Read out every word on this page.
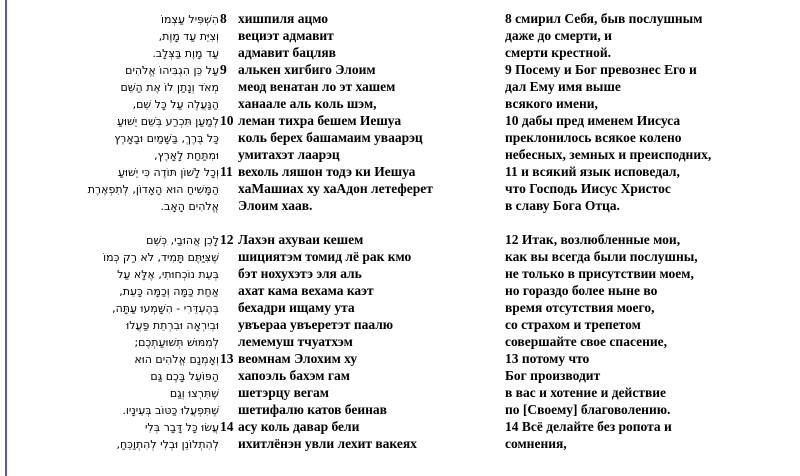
הִשְׁפִּיל עַצְמוֹ 8 хишпиля ацмо
וְצִיֵּת עַד מָוֶת, вециэт адмавит
עַד מָוֶת בַּצְּלָב. адмавит бацляв
עַל כֵּן הִגְבִּיהוֹ אֱלֹהִים 9 алькен хигбиго Элоим
מְאֹד וְנָתַן לוֹ אֶת הַשֵּׁם меод венатан ло эт хашем
הַנַּעֲלֶה עַל כָּל שֵׁם, ханаале аль коль шэм,
לְמַעַן תִּכְרַע בְּשֵׁם יֵשׁוּעַ 10 леман тихра бешем Иешуа
כָּל בֶּרֶךְ, בַּשָּׁמַיִם וּבָאָרֶץ коль берех башамаим уваарэц
וּמִתַּחַת לָאָרֶץ, умитахэт лаарэц
וְכָל לָשׁוֹן תּוֹדֶה כִּי יֵשׁוּעַ 11 вехоль ляшон тодэ ки Иешуа
הַמָּשִׁיחַ הוּא הָאָדוֹן, לְתִפְאֶרֶת хаМашиах ху хаАдон летеферет
אֱלֹהִים הָאָב. Элоим хаав.
לָכֵן אֲהוּבַי, כְּשֵׁם 12 Лахэн ахуваи кешем
שֶׁצִּיַּתֶּם תָּמִיד, לֹא רַק כְּמוֹ шициятэм томид лё рак кмо
בְּעֵת נוֹכְחוּתִי, אֶלָּא עַל бэт нохухэтэ эля аль
אַחַת כַּמָּה וְכַמָּה כָּעֵת, ахат кама вехама каэт
בְּהֶעְדֵּרִי - הִשָּׁמְעוּ עַתָּה, бехадри ищаму ута
וּבְיִרְאָה וּבִרְתֵת פַּעֲלוּ увъераа увъеретэт паалю
לְמִמּוּשׁ תְּשׁוּעַתְכֶם; лемемуш тчуатхэм
וְאָמְנָם אֱלֹהִים הוּא 13 веомнам Элохим ху
הַפּוֹעֵל בָּכֶם גַּם хапоэль бахэм гам
שֶׁתִּרְצוּ וְגַם шетэрцу вегам
שֶׁתִּפְעֲלוּ כַּטּוֹב בְּעֵינָיו. шетифалю катов беинав
עֲשׂוּ כָּל דָּבָר בְּלִי 14 асу коль давар бели
לְהִתְלוֹנֵן וּבְלִי לְהִתְוַכֵּחַ, ихитлёнэн увли лехит вакеях
8 смирил Себя, быв послушным
даже до смерти, и
смерти крестной.
9 Посему и Бог превознес Его и
дал Ему имя выше
всякого имени,
10 дабы пред именем Иисуса
преклонилось всякое колено
небесных, земных и преисподних,
11 и всякий язык исповедал,
что Господь Иисус Христос
в славу Бога Отца.
12 Итак, возлюбленные мои,
как вы всегда были послушны,
не только в присутствии моем,
но гораздо более ныне во
время отсутствия моего,
со страхом и трепетом
совершайте свое спасение,
13 потому что
Бог производит
в вас и хотение и действие
по [Своему] благоволению.
14 Всё делайте без ропота и
сомнения,
